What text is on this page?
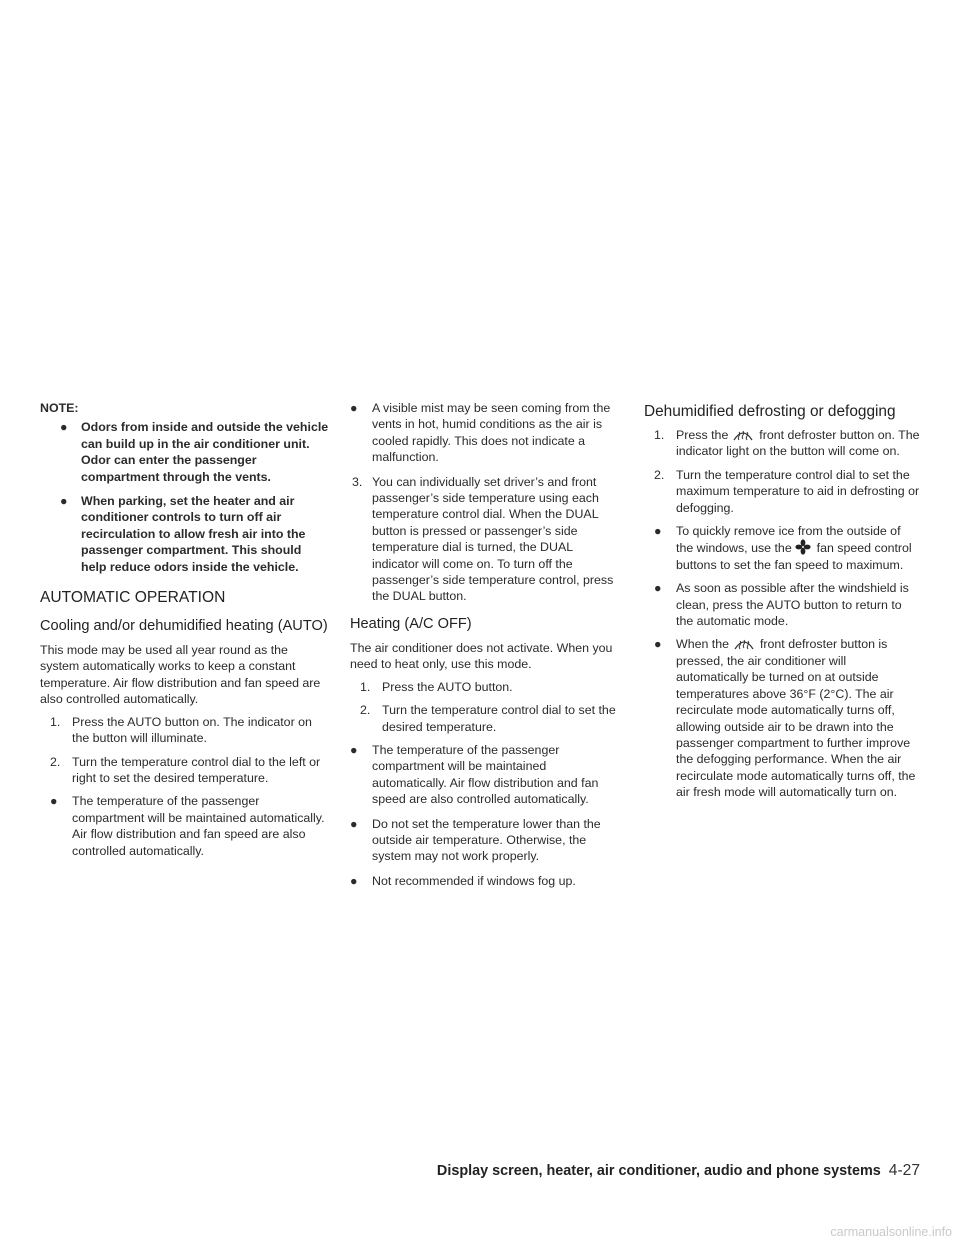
NOTE:

● Odors from inside and outside the vehicle can build up in the air conditioner unit. Odor can enter the passenger compartment through the vents.
● When parking, set the heater and air conditioner controls to turn off air recirculation to allow fresh air into the passenger compartment. This should help reduce odors inside the vehicle.
AUTOMATIC OPERATION
Cooling and/or dehumidified heating (AUTO)

This mode may be used all year round as the system automatically works to keep a constant temperature. Air flow distribution and fan speed are also controlled automatically.

1. Press the AUTO button on. The indicator on the button will illuminate.
2. Turn the temperature control dial to the left or right to set the desired temperature.
● The temperature of the passenger compartment will be maintained automatically. Air flow distribution and fan speed are also controlled automatically.
● A visible mist may be seen coming from the vents in hot, humid conditions as the air is cooled rapidly. This does not indicate a malfunction.
3. You can individually set driver’s and front passenger’s side temperature using each temperature control dial. When the DUAL button is pressed or passenger’s side temperature dial is turned, the DUAL indicator will come on. To turn off the passenger’s side temperature control, press the DUAL button.
Heating (A/C OFF)

The air conditioner does not activate. When you need to heat only, use this mode.

1. Press the AUTO button.
2. Turn the temperature control dial to set the desired temperature.
● The temperature of the passenger compartment will be maintained automatically. Air flow distribution and fan speed are also controlled automatically.
● Do not set the temperature lower than the outside air temperature. Otherwise, the system may not work properly.
● Not recommended if windows fog up.
Dehumidified defrosting or defogging
1. Press the front defroster button on. The indicator light on the button will come on.
2. Turn the temperature control dial to set the maximum temperature to aid in defrosting or defogging.
● To quickly remove ice from the outside of the windows, use the fan speed control buttons to set the fan speed to maximum.
● As soon as possible after the windshield is clean, press the AUTO button to return to the automatic mode.
● When the front defroster button is pressed, the air conditioner will automatically be turned on at outside temperatures above 36°F (2°C). The air recirculate mode automatically turns off, allowing outside air to be drawn into the passenger compartment to further improve the defogging performance. When the air recirculate mode automatically turns off, the air fresh mode will automatically turn on.
Display screen, heater, air conditioner, audio and phone systems 4-27
carmanualsonline.info
